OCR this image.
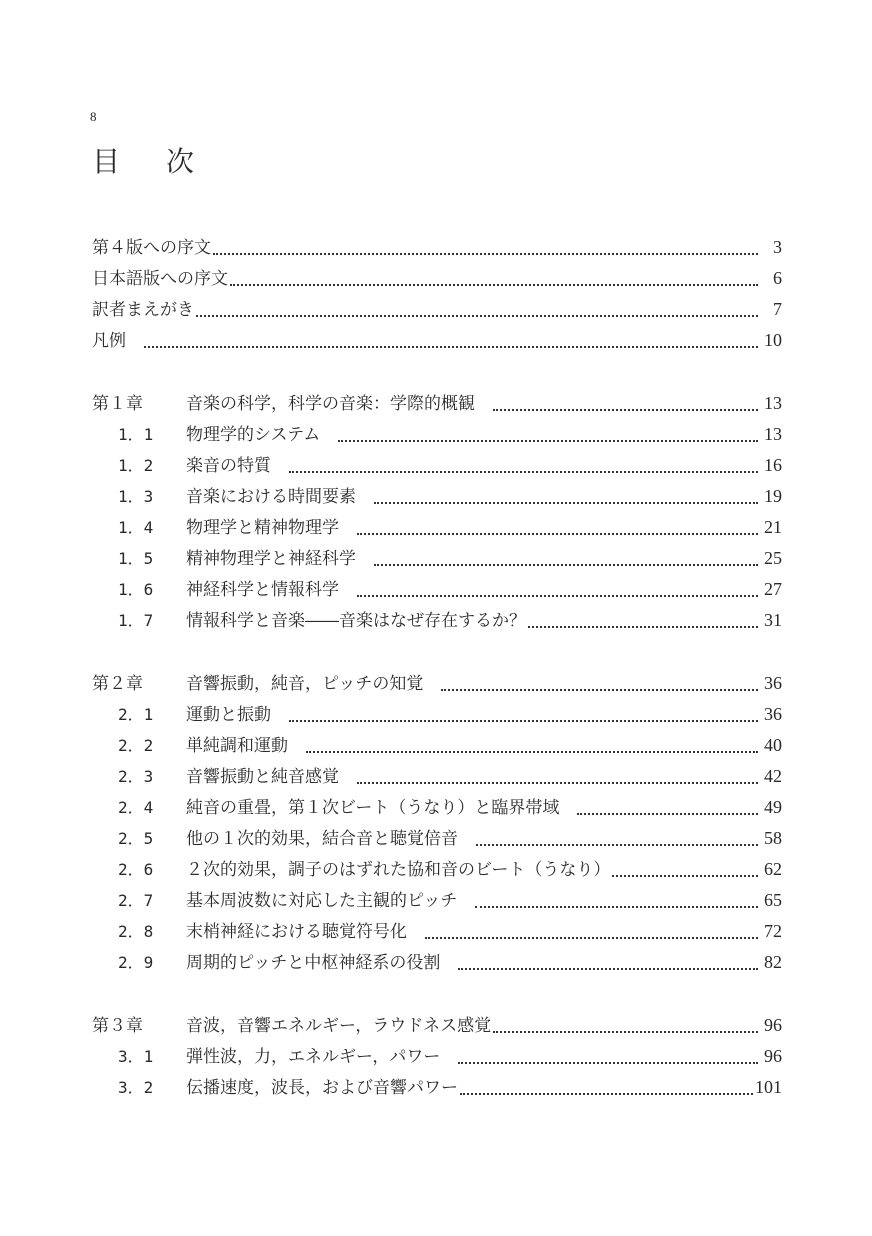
8
目 次
第４版への序文	3
日本語版への序文	6
訳者まえがき	7
凡例	10
第１章	音楽の科学，科学の音楽：学際的概観	13
1．1	物理学的システム	13
1．2	楽音の特質	16
1．3	音楽における時間要素	19
1．4	物理学と精神物理学	21
1．5	精神物理学と神経科学	25
1．6	神経科学と情報科学	27
1．7	情報科学と音楽――音楽はなぜ存在するか？	31
第２章	音響振動，純音，ピッチの知覚	36
2．1	運動と振動	36
2．2	単純調和運動	40
2．3	音響振動と純音感覚	42
2．4	純音の重畳，第１次ビート（うなり）と臨界帯域	49
2．5	他の１次的効果，結合音と聴覚倍音	58
2．6	２次的効果，調子のはずれた協和音のビート（うなり）	62
2．7	基本周波数に対応した主観的ピッチ	65
2．8	末梢神経における聴覚符号化	72
2．9	周期的ピッチと中枢神経系の役割	82
第３章	音波，音響エネルギー，ラウドネス感覚	96
3．1	弾性波，力，エネルギー，パワー	96
3．2	伝播速度，波長，および音響パワー	101
